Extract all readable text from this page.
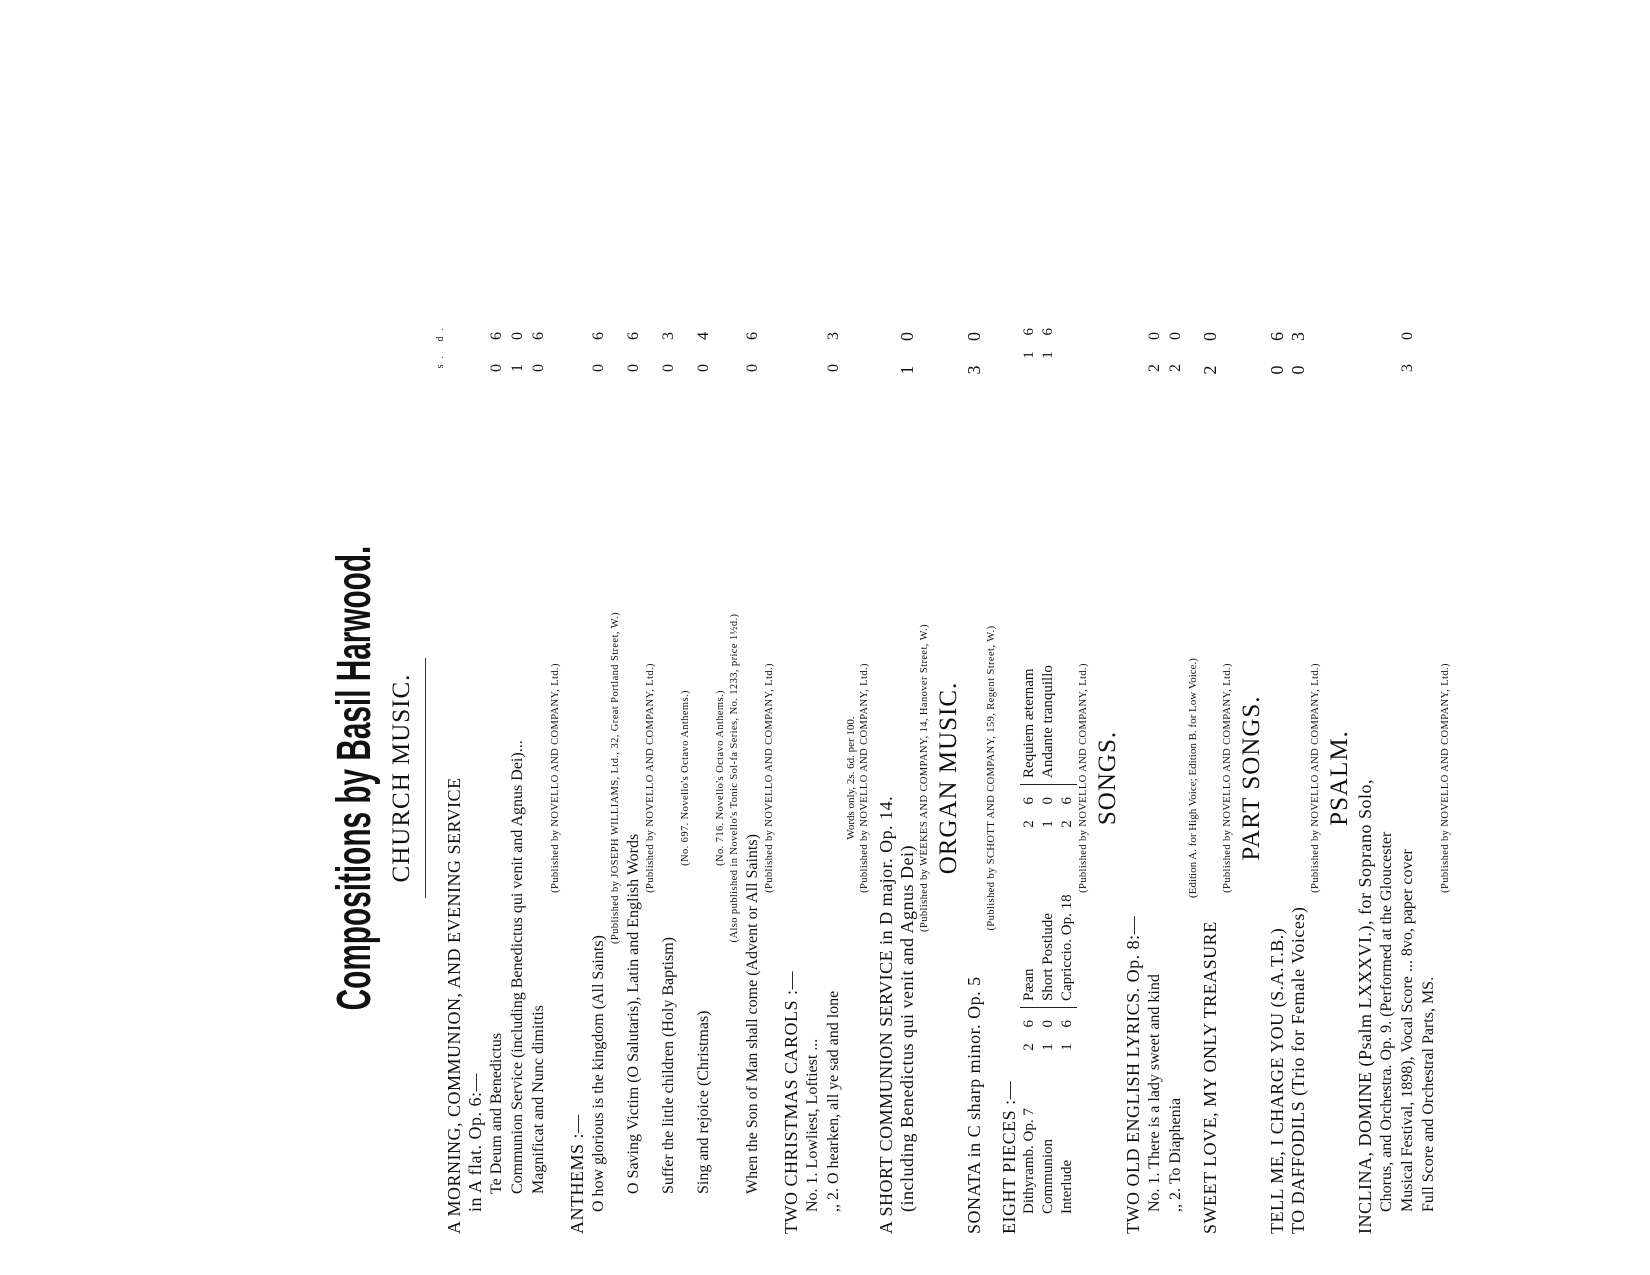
Compositions by Basil Harwood. CHURCH MUSIC.
s. d.
A MORNING, COMMUNION, AND EVENING SERVICE in A flat. Op. 6:— Te Deum and Benedictus
0 6
Communion Service (including Benedictus qui venit and Agnus Dei)...
1 0
Magnificat and Nunc dimittis
0 6
(Published by NOVELLO AND COMPANY, Ltd.)
ANTHEMS :— O how glorious is the kingdom (All Saints)
0 6
(Published by JOSEPH WILLIAMS, Ltd., 32, Great Portland Street, W.)
O Saving Victim (O Salutaris), Latin and English Words
0 6
(Published by NOVELLO AND COMPANY, Ltd.)
Suffer the little children (Holy Baptism)
0 3
(No. 697. Novello's Octavo Anthems.)
Sing and rejoice (Christmas)
0 4
(No. 716. Novello's Octavo Anthems.) (Also published in Novello's Tonic Sol-fa Series, No. 1233, price 1½d.)
When the Son of Man shall come (Advent or All Saints)
0 6
(Published by NOVELLO AND COMPANY, Ltd.)
TWO CHRISTMAS CAROLS :— No. 1. Lowliest, Loftiest ... ,, 2. O hearken, all ye sad and lone
0 3
Words only, 2s. 6d. per 100. (Published by NOVELLO AND COMPANY, Ltd.)
A SHORT COMMUNION SERVICE in D major. Op. 14. (including Benedictus qui venit and Agnus Dei)
1 0
(Published by WEEKES AND COMPANY, 14, Hanover Street, W.) ORGAN MUSIC.
SONATA in C sharp minor. Op. 5
3 0
(Published by SCHOTT AND COMPANY, 159, Regent Street, W.)
EIGHT PIECES :— Dithyramb. Op. 7
2 6
Communion
1 0
Interlude
1 6
Pæan
2 6
Short Postlude
1 0
Capriccio. Op. 18
2 6
Requiem æternam
1 6
Andante tranquillo
1 6
(Published by NOVELLO AND COMPANY, Ltd.) SONGS.
TWO OLD ENGLISH LYRICS. Op. 8:— No. 1. There is a lady sweet and kind
2 0
,, 2. To Diaphenia
2 0
(Edition A. for High Voice; Edition B. for Low Voice.)
SWEET LOVE, MY ONLY TREASURE
2 0
(Published by NOVELLO AND COMPANY, Ltd.) PART SONGS.
TELL ME, I CHARGE YOU (S.A.T.B.)
0 6
TO DAFFODILS (Trio for Female Voices)
0 3
(Published by NOVELLO AND COMPANY, Ltd.) PSALM.
INCLINA, DOMINE (Psalm LXXXVI.), for Soprano Solo, Chorus, and Orchestra. Op. 9. (Performed at the Gloucester Musical Festival, 1898), Vocal Score ... 8vo, paper cover
3 0
Full Score and Orchestral Parts, MS.
(Published by NOVELLO AND COMPANY, Ltd.)
